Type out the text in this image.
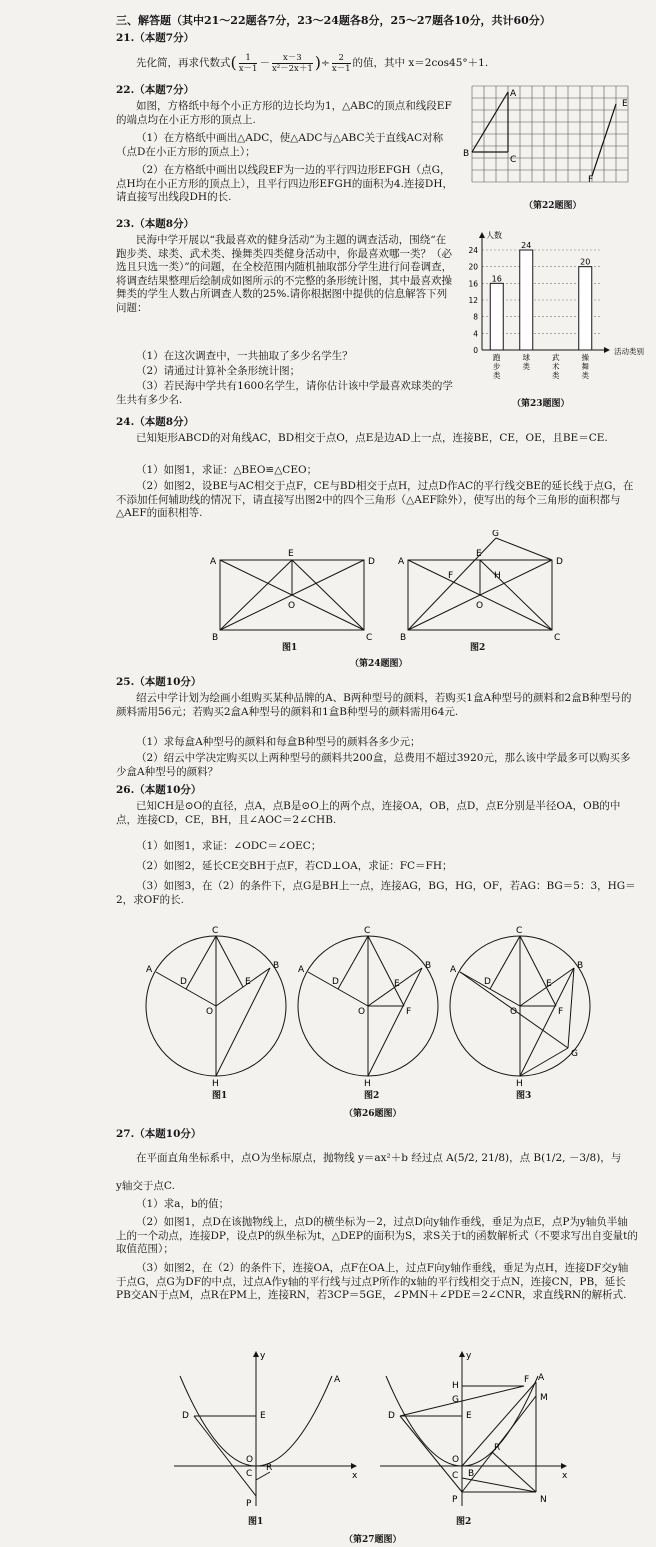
三、解答题（其中21～22题各7分，23～24题各8分，25～27题各10分，共计60分）
21.（本题7分）
先化简，再求代数式( $\frac{1}{x-1} - \frac{x-3}{\text{x²－2x＋1}}$ )÷ $\frac{2}{x-1}$ 的值，其中 x＝2cos45°＋1.
22.（本题7分）
如图，方格纸中每个小正方形的边长均为1，△ABC的顶点和线段EF的端点均在小正方形的顶点上.
（1）在方格纸中画出△ADC，使△ADC与△ABC关于直线AC对称（点D在小正方形的顶点上）；
（2）在方格纸中画出以线段EF为一边的平行四边形EFGH（点G，点H均在小正方形的顶点上），且平行四边形EFGH的面积为4.连接DH，请直接写出线段DH的长.
A
B
C
E
F
（第22题图）
23.（本题8分）
民海中学开展以“我最喜欢的健身活动”为主题的调查活动，围绕“在跑步类、球类、武术类、操舞类四类健身活动中，你最喜欢哪一类？（必选且只选一类）”的问题，在全校范围内随机抽取部分学生进行问卷调查，将调查结果整理后绘制成如图所示的不完整的条形统计图，其中最喜欢操舞类的学生人数占所调查人数的25%.请你根据图中提供的信息解答下列问题：
（1）在这次调查中，一共抽取了多少名学生？
（2）请通过计算补全条形统计图；
（3）若民海中学共有1600名学生，请你估计该中学最喜欢球类的学生共有多少名.
16
24
20
4
8
12
16
20
24
0
人数
活动类别
跑步类
球类
武术类
操舞类
（第23题图）
24.（本题8分）
已知矩形ABCD的对角线AC，BD相交于点O，点E是边AD上一点，连接BE，CE，OE，且BE＝CE.
（1）如图1，求证：△BEO≌△CEO；
（2）如图2，设BE与AC相交于点F，CE与BD相交于点H，过点D作AC的平行线交BE的延长线于点G，在不添加任何辅助线的情况下，请直接写出图2中的四个三角形（△AEF除外），使写出的每个三角形的面积都与△AEF的面积相等.
A
E
D
O
B	C
A
E
G
D
F	H
O
B	C
图1	图2
（第24题图）
25.（本题10分）
绍云中学计划为绘画小组购买某种品牌的A、B两种型号的颜料，若购买1盒A种型号的颜料和2盒B种型号的颜料需用56元；若购买2盒A种型号的颜料和1盒B种型号的颜料需用64元.
（1）求每盒A种型号的颜料和每盒B种型号的颜料各多少元；
（2）绍云中学决定购买以上两种型号的颜料共200盒，总费用不超过3920元，那么该中学最多可以购买多少盒A种型号的颜料？
26.（本题10分）
已知CH是⊙O的直径，点A，点B是⊙O上的两个点，连接OA，OB，点D，点E分别是半径OA，OB的中点，连接CD，CE，BH，且∠AOC＝2∠CHB.
（1）如图1，求证：∠ODC＝∠OEC；
（2）如图2，延长CE交BH于点F，若CD⊥OA，求证：FC＝FH；
（3）如图3，在（2）的条件下，点G是BH上一点，连接AG，BG，HG，OF，若AG：BG＝5：3，HG＝2，求OF的长.
C
A	B
D	E
O
H
C
A	B
D	E
F
O
H
C
A	B
D	E
F
O
G
H
图1	图2	图3
（第26题图）
27.（本题10分）
在平面直角坐标系中，点O为坐标原点，抛物线 y＝ax²＋b 经过点 A(5/2, 21/8)，点 B(1/2, －3/8)，与
y轴交于点C.
（1）求a，b的值；
（2）如图1，点D在该抛物线上，点D的横坐标为－2，过点D向y轴作垂线，垂足为点E，点P为y轴负半轴上的一个动点，连接DP，设点P的纵坐标为t，△DEP的面积为S，求S关于t的函数解析式（不要求写出自变量t的取值范围）；
（3）如图2，在（2）的条件下，连接OA，点F在OA上，过点F向y轴作垂线，垂足为点H，连接DF交y轴于点G，点G为DF的中点，过点A作y轴的平行线与过点P所作的x轴的平行线相交于点N，连接CN，PB，延长PB交AN于点M，点R在PM上，连接RN，若3CP＝5GE，∠PMN＋∠PDE＝2∠CNR，求直线RN的解析式.
y
x
A
D	E
O
C
R
P
y
x
A
F
M
H
G
D	E
R
O
C B
P	N
图1	图2
（第27题图）
